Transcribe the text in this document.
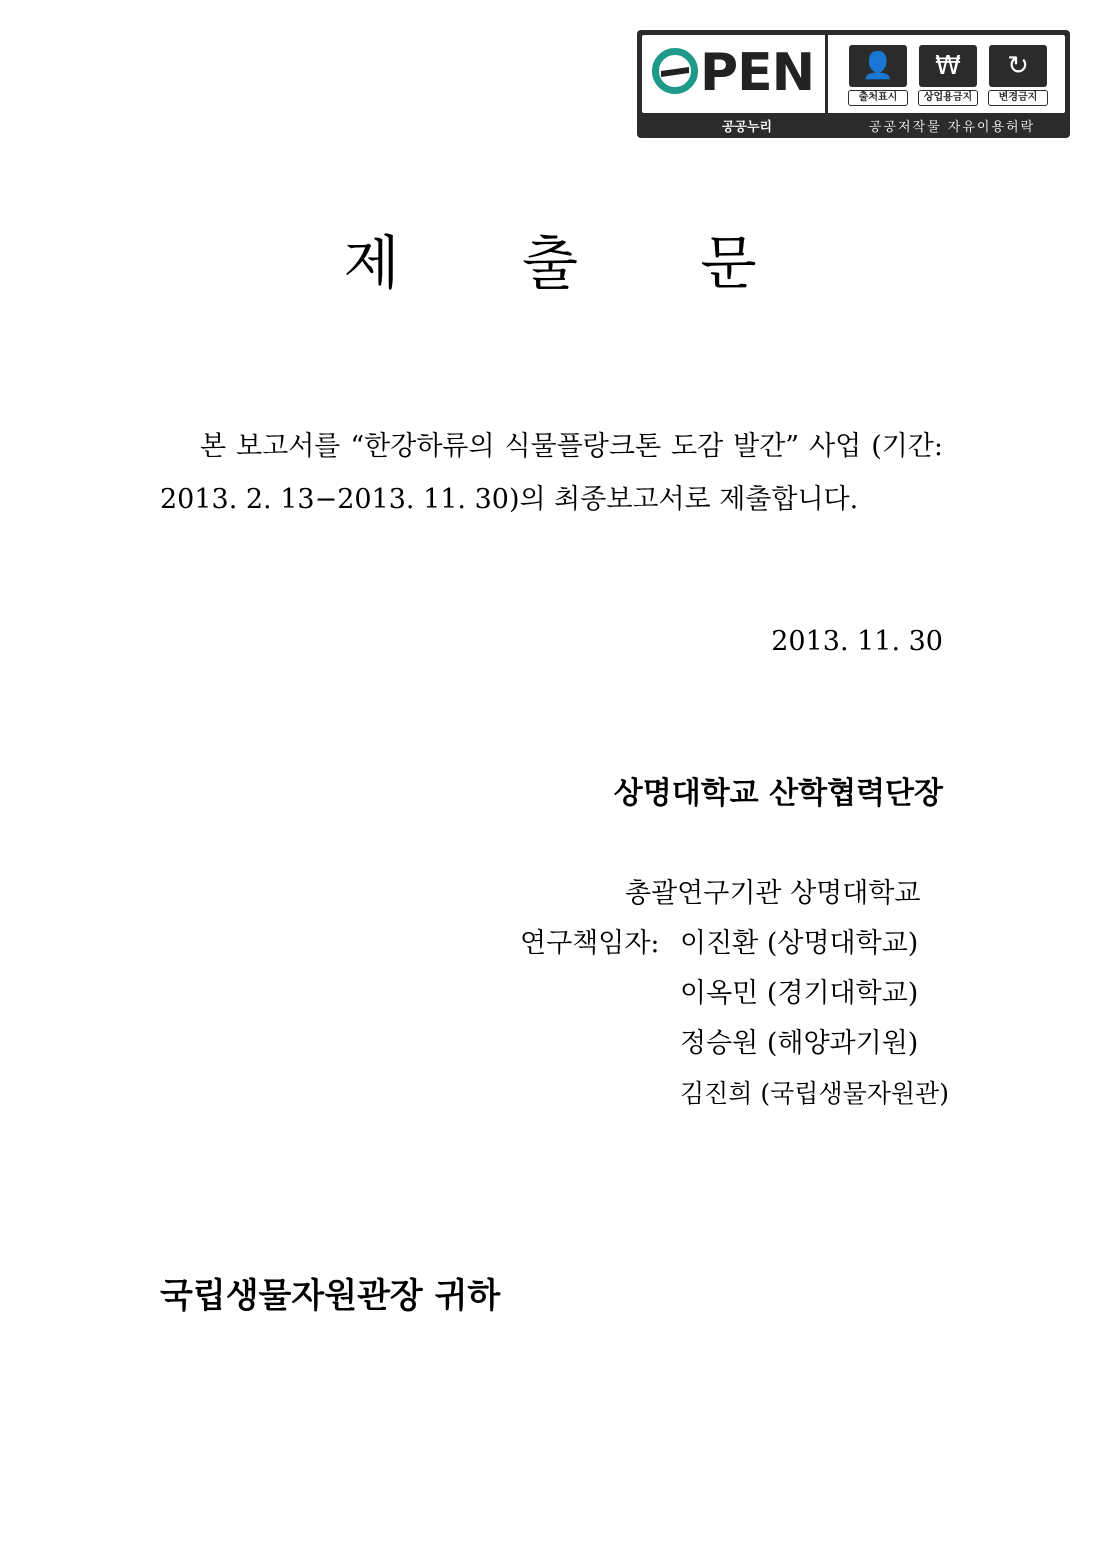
PEN	👤
출처표시
₩
상업용금지
↻
변경금지
공공누리	공공저작물 자유이용허락
제 출 문
본 보고서를 “한강하류의 식물플랑크톤 도감 발간” 사업 (기간: 2013. 2. 13−2013. 11. 30)의 최종보고서로 제출합니다.
2013. 11. 30
상명대학교 산학협력단장
총괄연구기관 상명대학교
연구책임자: 이진환 (상명대학교)
이옥민 (경기대학교)
정승원 (해양과기원)
김진희 (국립생물자원관)
국립생물자원관장 귀하
